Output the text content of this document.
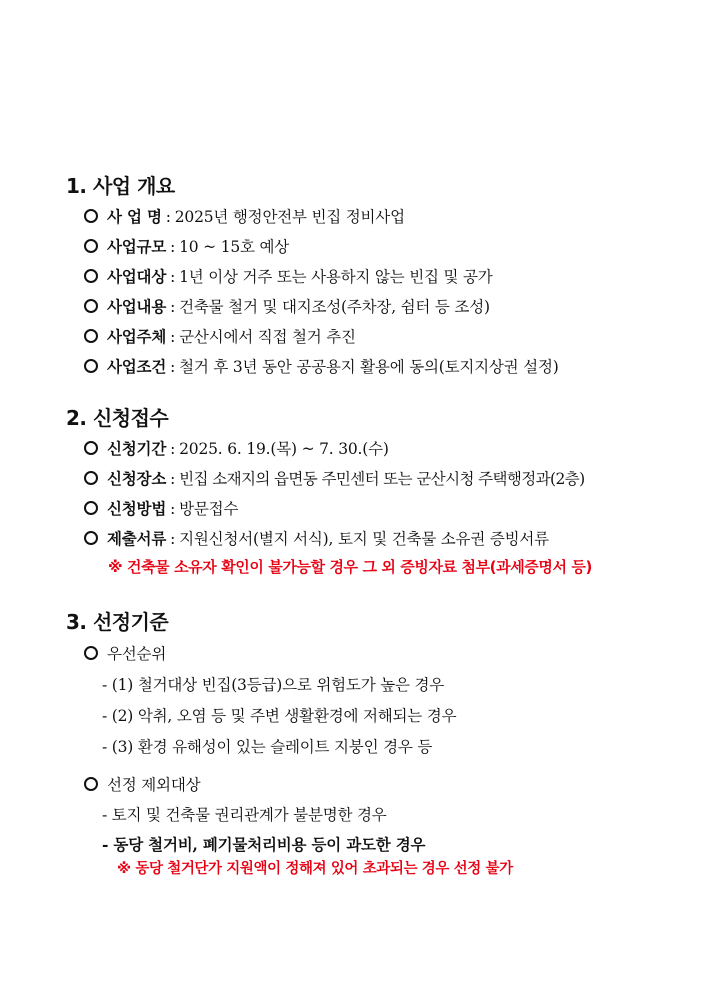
1. 사업 개요
사 업 명 : 2025년 행정안전부 빈집 정비사업
사업규모 : 10 ~ 15호 예상
사업대상 : 1년 이상 거주 또는 사용하지 않는 빈집 및 공가
사업내용 : 건축물 철거 및 대지조성(주차장, 쉼터 등 조성)
사업주체 : 군산시에서 직접 철거 추진
사업조건 : 철거 후 3년 동안 공공용지 활용에 동의(토지지상권 설정)
2. 신청접수
신청기간 : 2025. 6. 19.(목) ~ 7. 30.(수)
신청장소 : 빈집 소재지의 읍면동 주민센터 또는 군산시청 주택행정과(2층)
신청방법 : 방문접수
제출서류 : 지원신청서(별지 서식), 토지 및 건축물 소유권 증빙서류
※ 건축물 소유자 확인이 불가능할 경우 그 외 증빙자료 첨부(과세증명서 등)
3. 선정기준
우선순위
- (1) 철거대상 빈집(3등급)으로 위험도가 높은 경우
- (2) 악취, 오염 등 및 주변 생활환경에 저해되는 경우
- (3) 환경 유해성이 있는 슬레이트 지붕인 경우 등
선정 제외대상
- 토지 및 건축물 권리관계가 불분명한 경우
- 동당 철거비, 폐기물처리비용 등이 과도한 경우
※ 동당 철거단가 지원액이 정해져 있어 초과되는 경우 선정 불가
